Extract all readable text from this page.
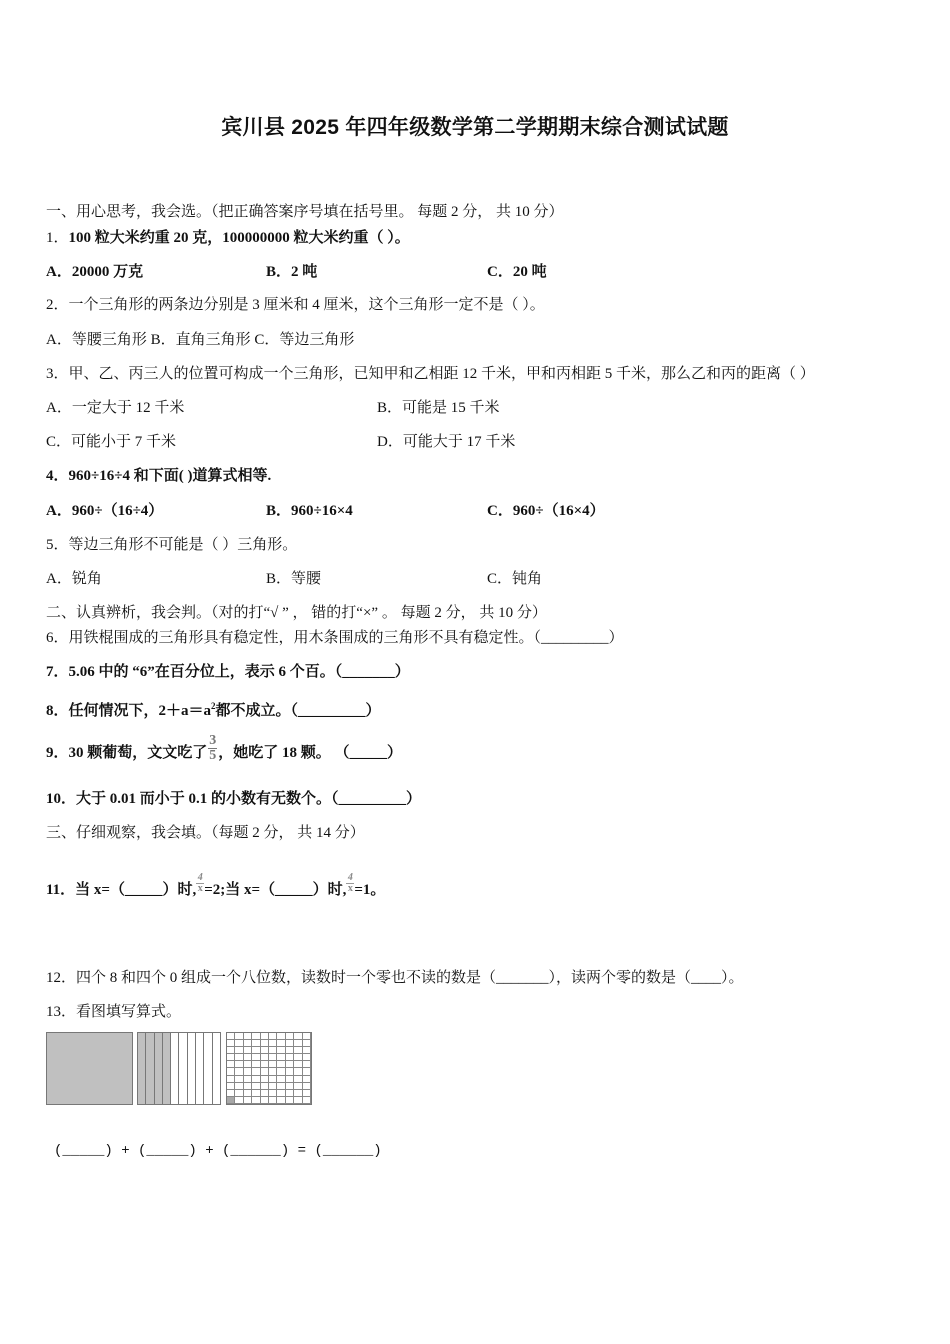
宾川县 2025 年四年级数学第二学期期末综合测试试题
一、用心思考，我会选。（把正确答案序号填在括号里。 每题 2 分， 共 10 分）
1．100 粒大米约重 20 克，100000000 粒大米约重（ ）。
A．20000 万克	B．2 吨	C．20 吨
2．一个三角形的两条边分别是 3 厘米和 4 厘米，这个三角形一定不是（ ）。
A．等腰三角形 B．直角三角形 C．等边三角形
3．甲、乙、丙三人的位置可构成一个三角形，已知甲和乙相距 12 千米，甲和丙相距 5 千米，那么乙和丙的距离（ ）
A．一定大于 12 千米	B．可能是 15 千米
C．可能小于 7 千米	D．可能大于 17 千米
4．960÷16÷4 和下面( )道算式相等.
A．960÷（16÷4）	B．960÷16×4	C．960÷（16×4）
5．等边三角形不可能是（ ）三角形。
A．锐角	B．等腰	C．钝角
二、认真辨析，我会判。（对的打“√ ” ， 错的打“×” 。 每题 2 分， 共 10 分）
6．用铁棍围成的三角形具有稳定性，用木条围成的三角形不具有稳定性。（_________）
7．5.06 中的 “6”在百分位上，表示 6 个百。（_______）
8．任何情况下，$2+a=a^2$都不成立。（_________）
9．30 颗葡萄，文文吃了 $\frac{3}{5}$ ，她吃了 18 颗。 （_____）
10．大于 0.01 而小于 0.1 的小数有无数个。（_________）
三、仔细观察，我会填。（每题 2 分， 共 14 分）
11．当 x=（_____）时, $\frac{4}{x} =2$;当 x=（_____）时, $\frac{4}{x} =1$。
12．四个 8 和四个 0 组成一个八位数，读数时一个零也不读的数是（_______），读两个零的数是（____）。
13．看图填写算式。
(_____) + (_____) + (______) = (______)
